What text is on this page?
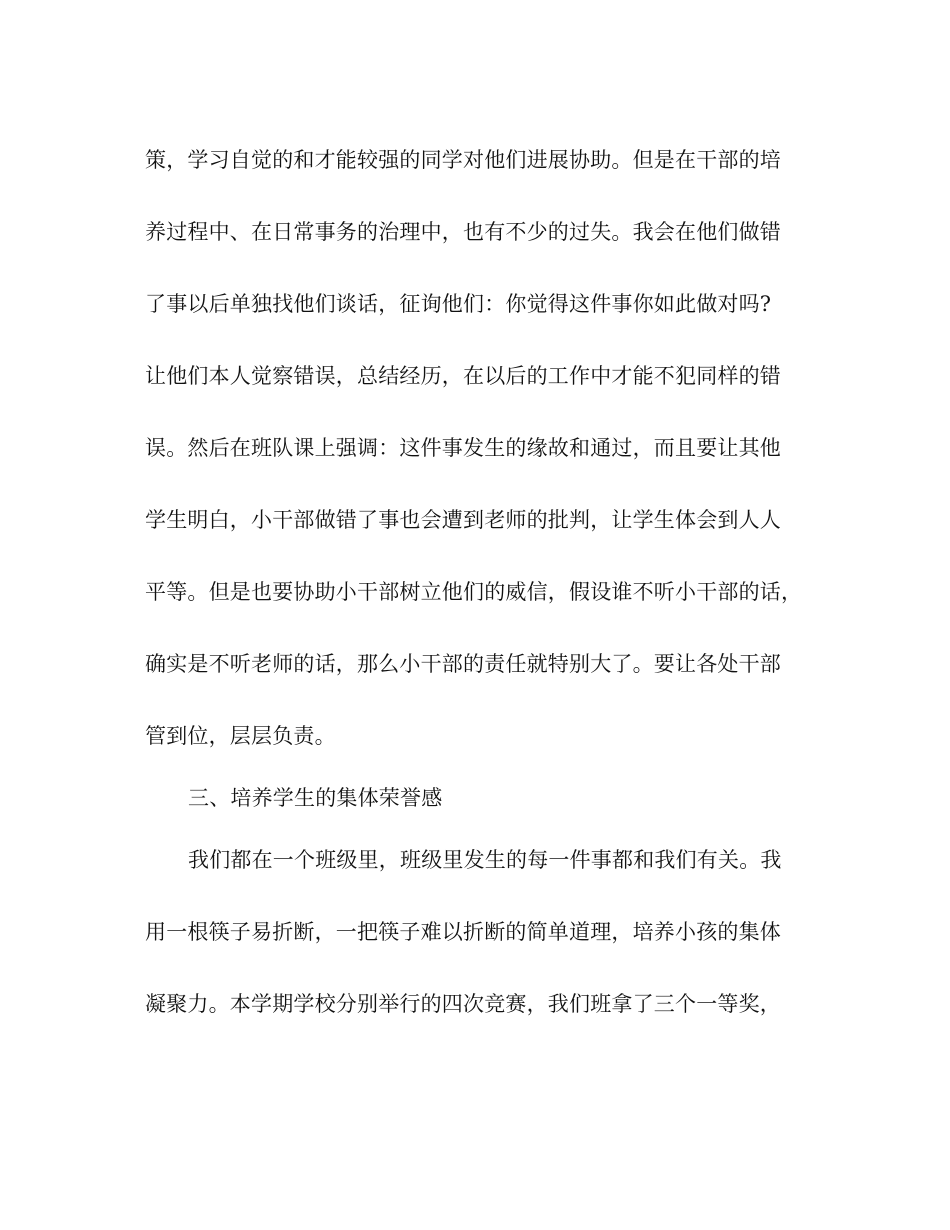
策，学习自觉的和才能较强的同学对他们进展协助。但是在干部的培
养过程中、在日常事务的治理中，也有不少的过失。我会在他们做错
了事以后单独找他们谈话，征询他们：你觉得这件事你如此做对吗?
让他们本人觉察错误，总结经历，在以后的工作中才能不犯同样的错
误。然后在班队课上强调：这件事发生的缘故和通过，而且要让其他
学生明白，小干部做错了事也会遭到老师的批判，让学生体会到人人
平等。但是也要协助小干部树立他们的威信，假设谁不听小干部的话，
确实是不听老师的话，那么小干部的责任就特别大了。要让各处干部
管到位，层层负责。
三、培养学生的集体荣誉感
我们都在一个班级里，班级里发生的每一件事都和我们有关。我
用一根筷子易折断，一把筷子难以折断的简单道理，培养小孩的集体
凝聚力。本学期学校分别举行的四次竞赛，我们班拿了三个一等奖，
